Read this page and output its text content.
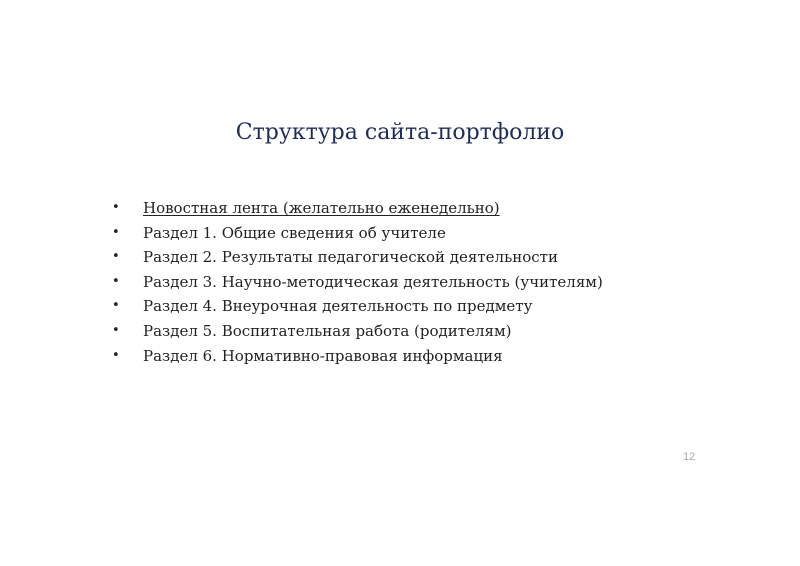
Структура сайта-портфолио
• Новостная лента (желательно еженедельно)
• Раздел 1. Общие сведения об учителе
• Раздел 2. Результаты педагогической деятельности
• Раздел 3. Научно-методическая деятельность (учителям)
• Раздел 4. Внеурочная деятельность по предмету
• Раздел 5. Воспитательная работа (родителям)
• Раздел 6. Нормативно-правовая информация
12
